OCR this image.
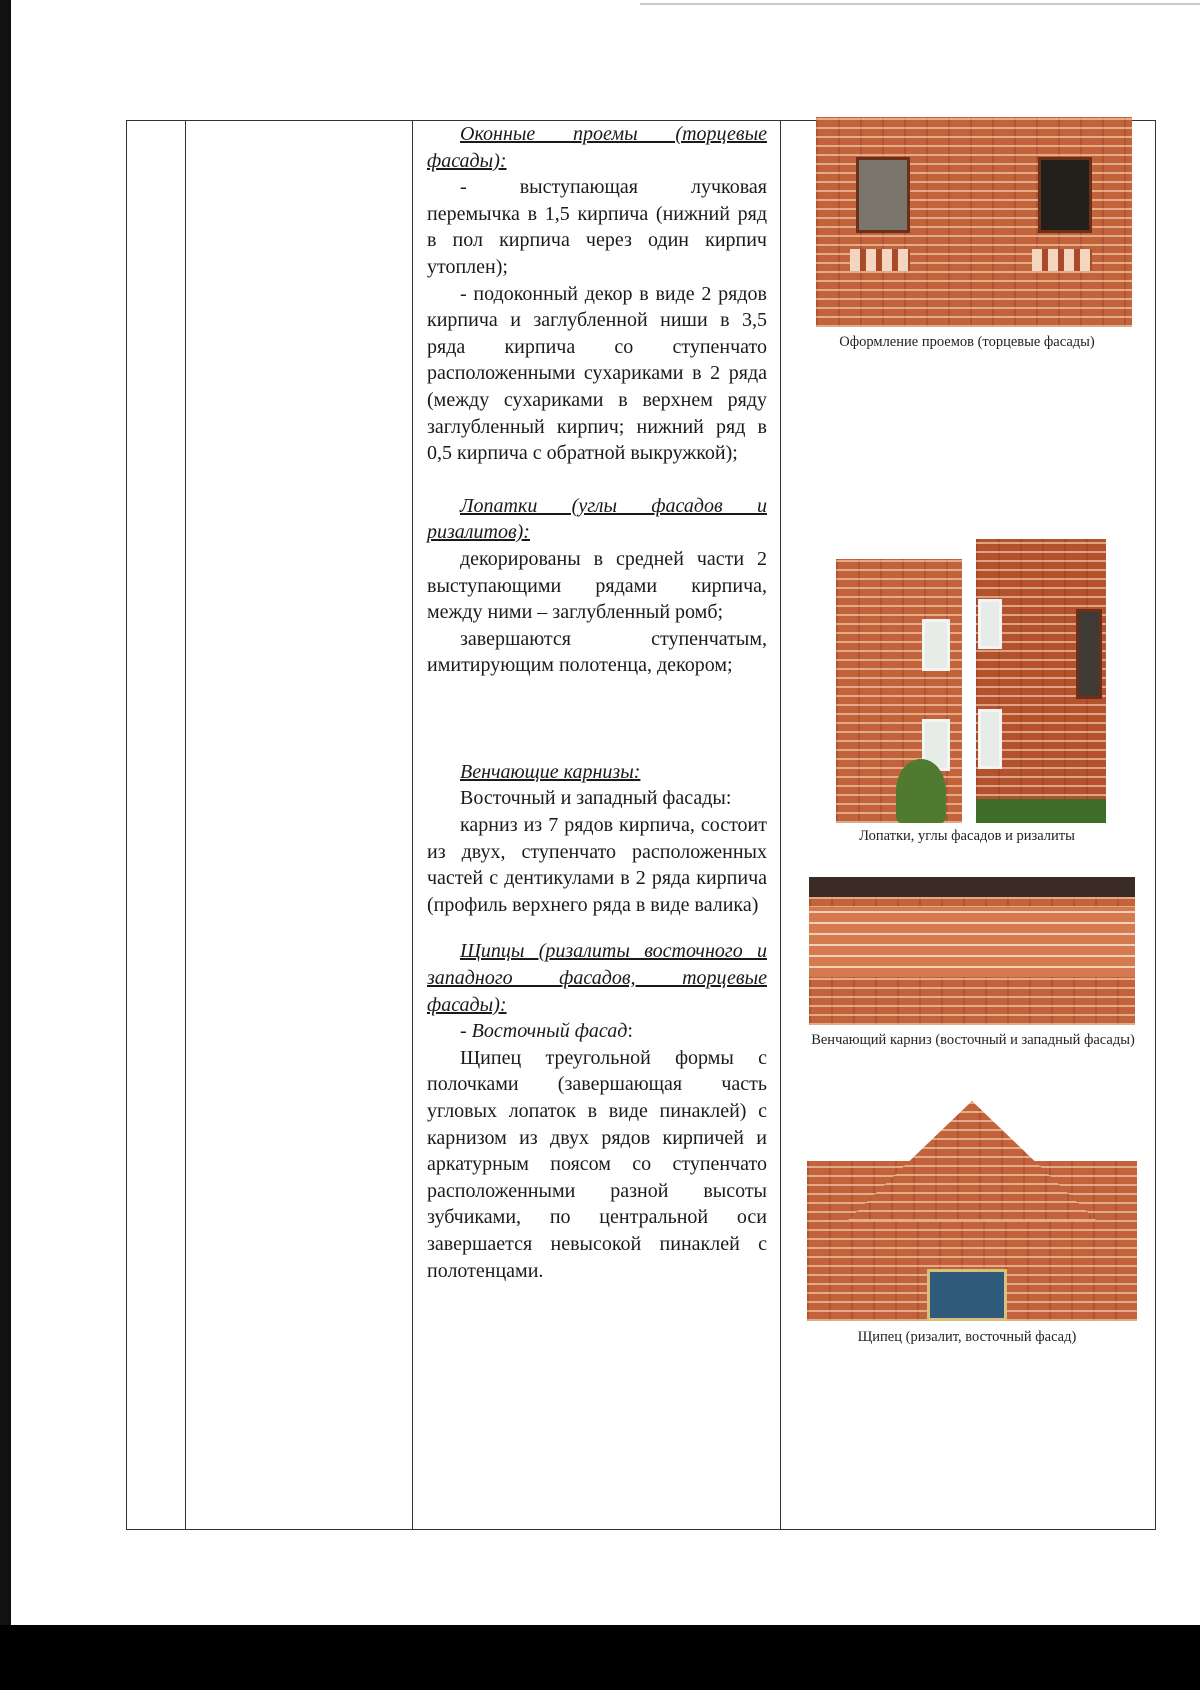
Оконные проемы (торцевые фасады):

- выступающая лучковая перемычка в 1,5 кирпича (нижний ряд в пол кирпича через один кирпич утоплен);

- подоконный декор в виде 2 рядов кирпича и заглубленной ниши в 3,5 ряда кирпича со ступенчато расположенными сухариками в 2 ряда (между сухариками в верхнем ряду заглубленный кирпич; нижний ряд в 0,5 кирпича с обратной выкружкой);

Лопатки (углы фасадов и ризалитов):

декорированы в средней части 2 выступающими рядами кирпича, между ними – заглубленный ромб;

завершаются ступенчатым, имитирующим полотенца, декором;

Венчающие карнизы:

Восточный и западный фасады:

карниз из 7 рядов кирпича, состоит из двух, ступенчато расположенных частей с дентикулами в 2 ряда кирпича (профиль верхнего ряда в виде валика)

Щипцы (ризалиты восточного и западного фасадов, торцевые фасады):

- Восточный фасад:

Щипец треугольной формы с полочками (завершающая часть угловых лопаток в виде пинаклей) с карнизом из двух рядов кирпичей и аркатурным поясом со ступенчато расположенными разной высоты зубчиками, по центральной оси завершается невысокой пинаклей с полотенцами.

Оформление проемов (торцевые фасады)
Лопатки, углы фасадов и ризалиты
Венчающий карниз (восточный и западный фасады)
Щипец (ризалит, восточный фасад)
